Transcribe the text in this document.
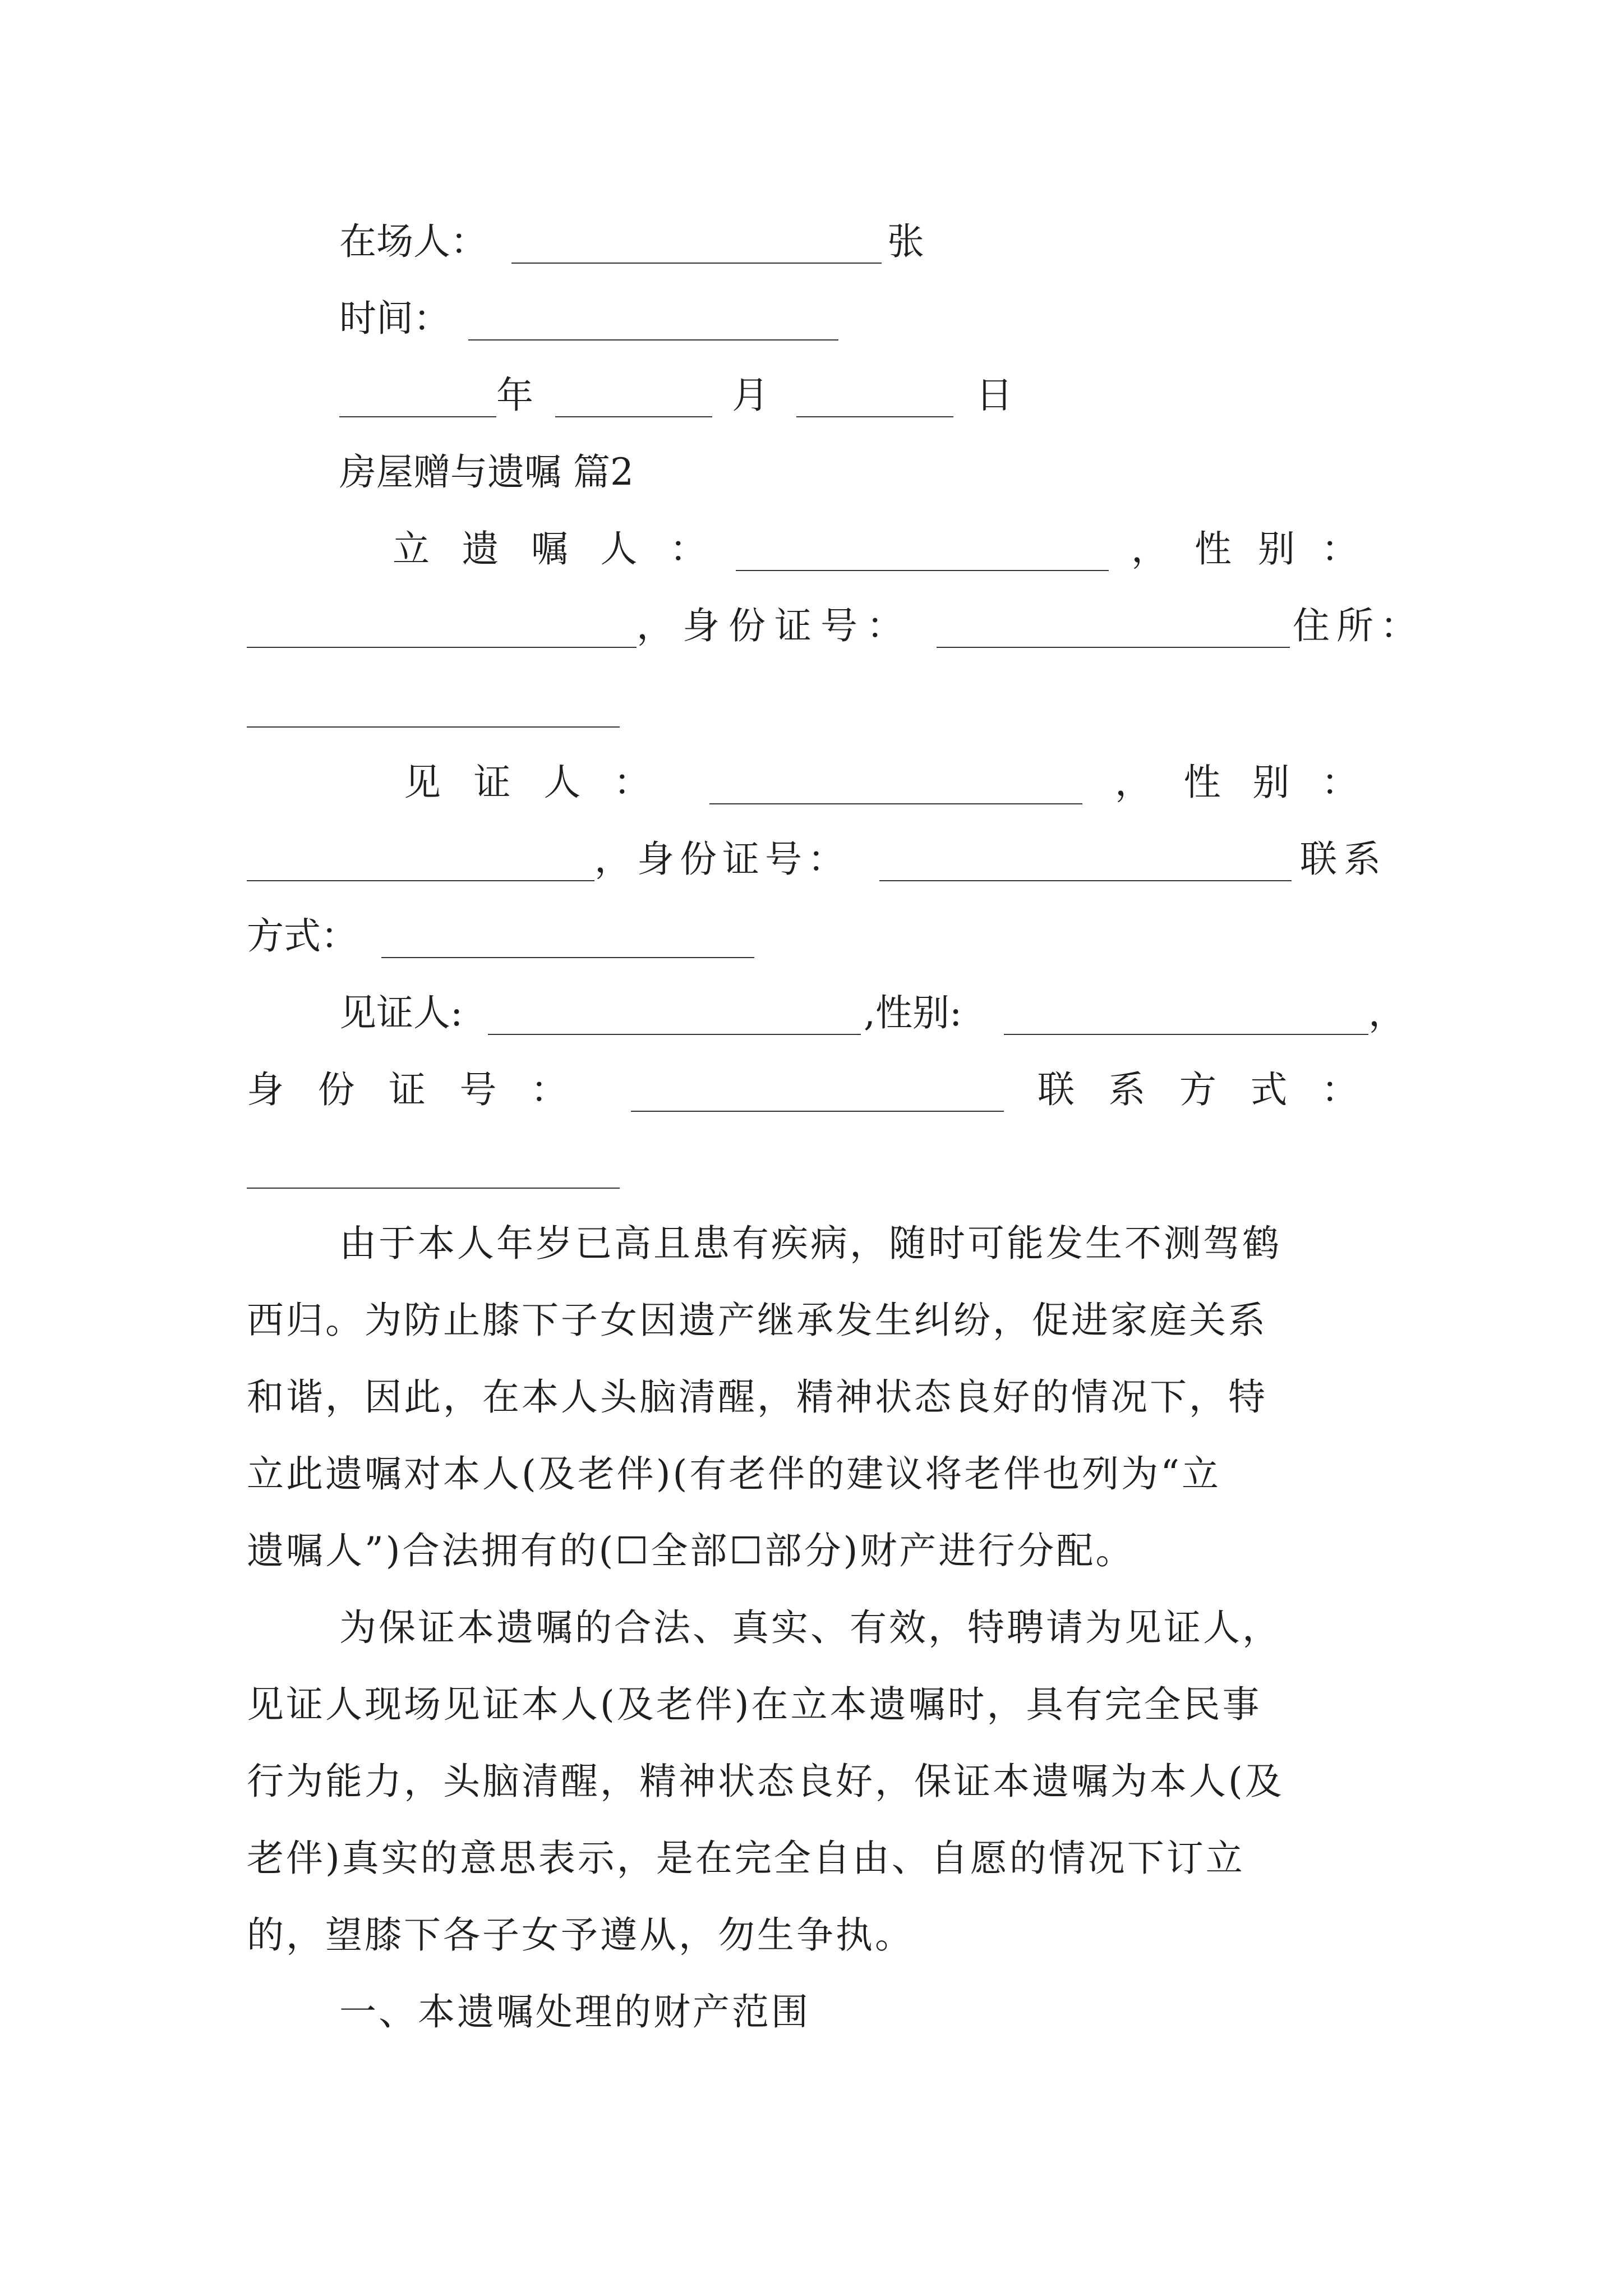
在场人：	张
时间：
年	月	日
房屋赠与遗嘱 篇2
立 遗 嘱 人 ：	， 性 别 ：
，身份证号：	住所：
见 证 人 ：	， 性 别 ：
，身份证号：	联系
方式：
见证人:	,性别:	，
身 份 证 号 ：	联 系 方 式 ：
由于本人年岁已高且患有疾病，随时可能发生不测驾鹤
西归。为防止膝下子女因遗产继承发生纠纷，促进家庭关系
和谐，因此，在本人头脑清醒，精神状态良好的情况下，特
立此遗嘱对本人(及老伴)(有老伴的建议将老伴也列为“立
遗嘱人”)合法拥有的(☐全部☐部分)财产进行分配。
为保证本遗嘱的合法、真实、有效，特聘请为见证人，
见证人现场见证本人(及老伴)在立本遗嘱时，具有完全民事
行为能力，头脑清醒，精神状态良好，保证本遗嘱为本人(及
老伴)真实的意思表示，是在完全自由、自愿的情况下订立
的，望膝下各子女予遵从，勿生争执。
一、本遗嘱处理的财产范围
